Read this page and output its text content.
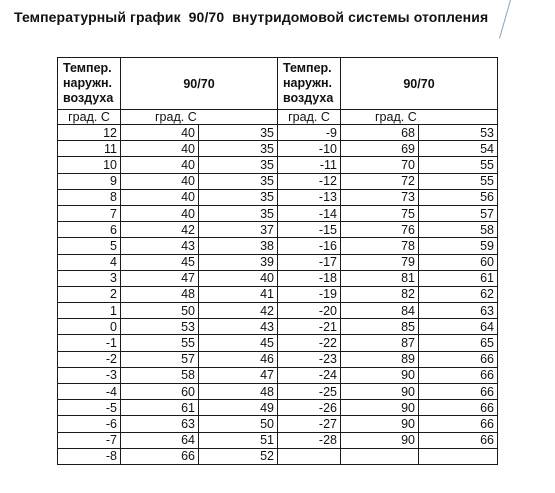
Температурный график  90/70  внутридомовой системы отопления
Темпер. наружн. воздуха	90/70		Темпер. наружн. воздуха	90/70	
град. С	град. С		град. С	град. С	
12	40	35	-9	68	53
11	40	35	-10	69	54
10	40	35	-11	70	55
9	40	35	-12	72	55
8	40	35	-13	73	56
7	40	35	-14	75	57
6	42	37	-15	76	58
5	43	38	-16	78	59
4	45	39	-17	79	60
3	47	40	-18	81	61
2	48	41	-19	82	62
1	50	42	-20	84	63
0	53	43	-21	85	64
-1	55	45	-22	87	65
-2	57	46	-23	89	66
-3	58	47	-24	90	66
-4	60	48	-25	90	66
-5	61	49	-26	90	66
-6	63	50	-27	90	66
-7	64	51	-28	90	66
-8	66	52			
